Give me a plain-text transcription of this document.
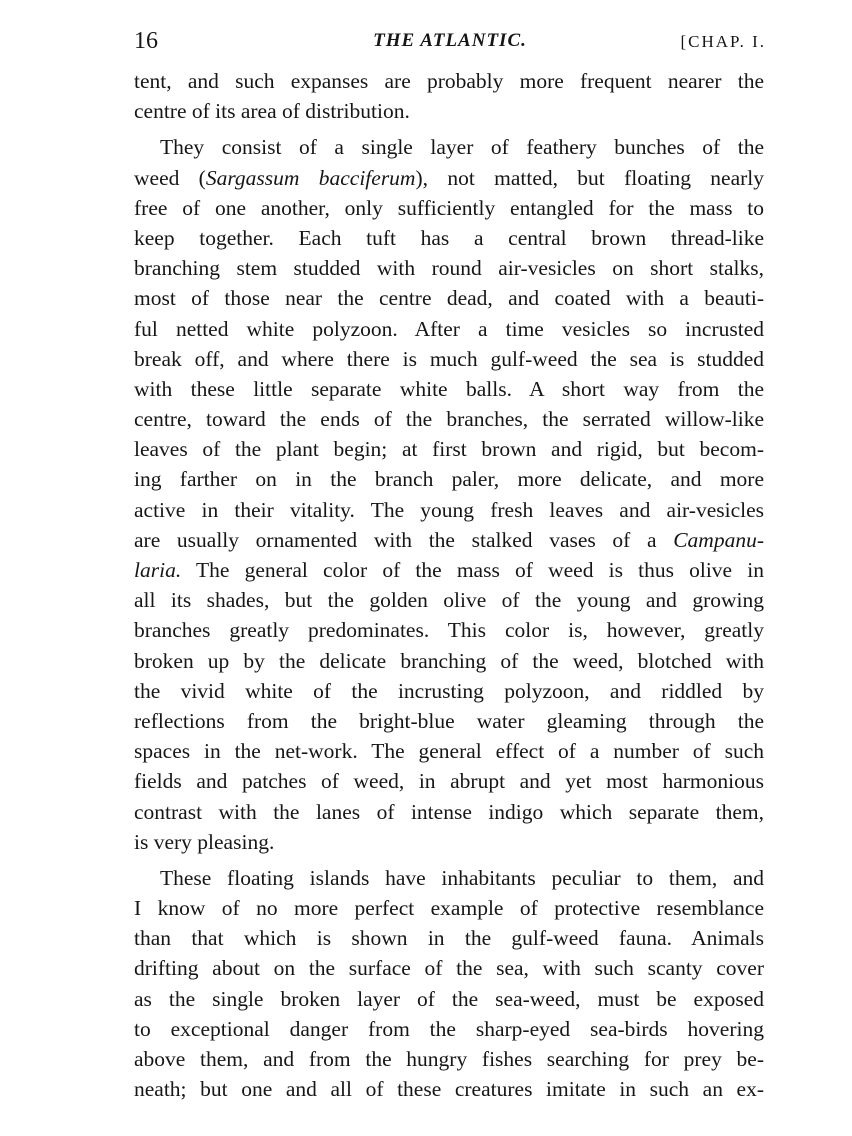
16	THE ATLANTIC.	[CHAP. I.
tent, and such expanses are probably more frequent nearer the
centre of its area of distribution.
They consist of a single layer of feathery bunches of the
weed (Sargassum bacciferum), not matted, but floating nearly
free of one another, only sufficiently entangled for the mass to
keep together. Each tuft has a central brown thread-like
branching stem studded with round air-vesicles on short stalks,
most of those near the centre dead, and coated with a beauti-
ful netted white polyzoon. After a time vesicles so incrusted
break off, and where there is much gulf-weed the sea is studded
with these little separate white balls. A short way from the
centre, toward the ends of the branches, the serrated willow-like
leaves of the plant begin; at first brown and rigid, but becom-
ing farther on in the branch paler, more delicate, and more
active in their vitality. The young fresh leaves and air-vesicles
are usually ornamented with the stalked vases of a Campanu-
laria. The general color of the mass of weed is thus olive in
all its shades, but the golden olive of the young and growing
branches greatly predominates. This color is, however, greatly
broken up by the delicate branching of the weed, blotched with
the vivid white of the incrusting polyzoon, and riddled by
reflections from the bright-blue water gleaming through the
spaces in the net-work. The general effect of a number of such
fields and patches of weed, in abrupt and yet most harmonious
contrast with the lanes of intense indigo which separate them,
is very pleasing.
These floating islands have inhabitants peculiar to them, and
I know of no more perfect example of protective resemblance
than that which is shown in the gulf-weed fauna. Animals
drifting about on the surface of the sea, with such scanty cover
as the single broken layer of the sea-weed, must be exposed
to exceptional danger from the sharp-eyed sea-birds hovering
above them, and from the hungry fishes searching for prey be-
neath; but one and all of these creatures imitate in such an ex-
